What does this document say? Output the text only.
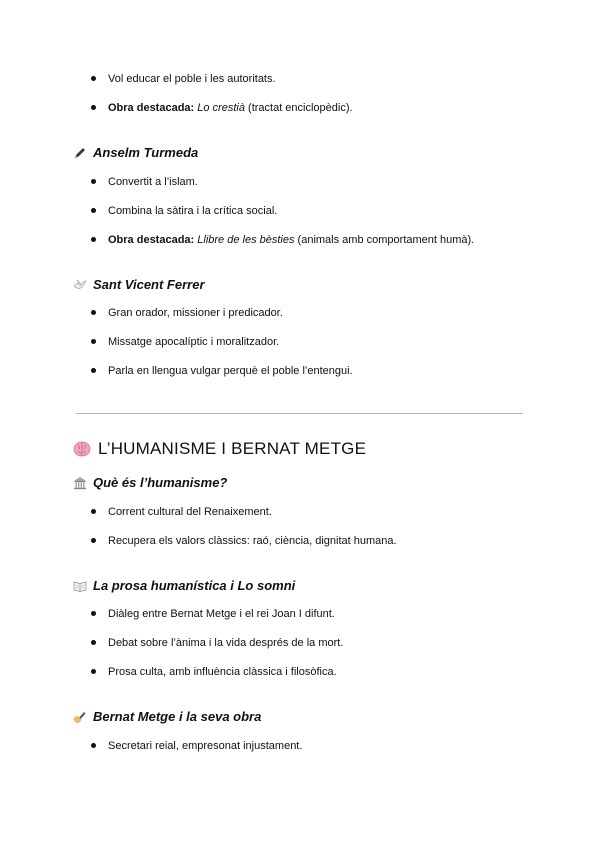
Vol educar el poble i les autoritats.
Obra destacada: Lo crestià (tractat enciclopèdic).
Anselm Turmeda
Convertit a l’islam.
Combina la sàtira i la crítica social.
Obra destacada: Llibre de les bèsties (animals amb comportament humà).
Sant Vicent Ferrer
Gran orador, missioner i predicador.
Missatge apocalíptic i moralitzador.
Parla en llengua vulgar perquè el poble l’entengui.
L’HUMANISME I BERNAT METGE
Què és l’humanisme?
Corrent cultural del Renaixement.
Recupera els valors clàssics: raó, ciència, dignitat humana.
La prosa humanística i Lo somni
Diàleg entre Bernat Metge i el rei Joan I difunt.
Debat sobre l’ànima i la vida després de la mort.
Prosa culta, amb influència clàssica i filosòfica.
Bernat Metge i la seva obra
Secretari reial, empresonat injustament.
